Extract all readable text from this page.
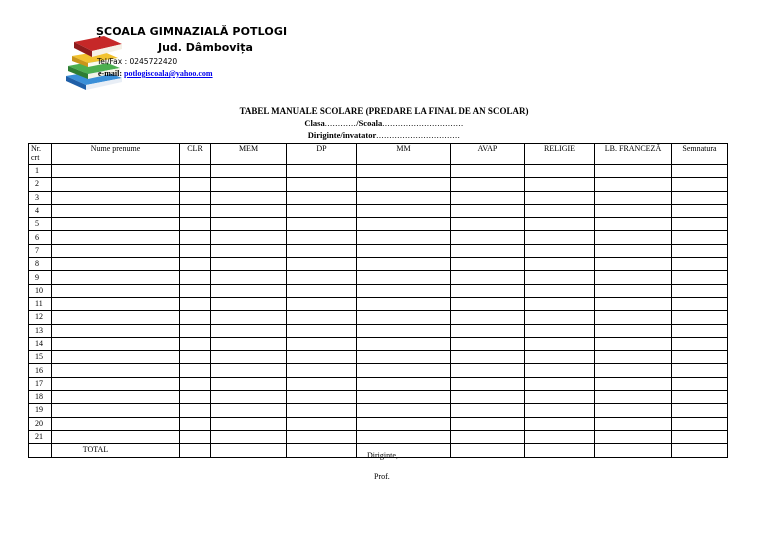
ȘCOALA GIMNAZIALĂ POTLOGI
Jud. Dâmbovița
Tel/Fax : 0245722420
e-mail: potlogiscoala@yahoo.com
TABEL MANUALE SCOLARE (PREDARE LA FINAL DE AN SCOLAR)
Clasa............/Scoala...............................
Diriginte/invatator................................
Nr. crt	Nume prenume	CLR	MEM	DP	MM	AVAP	RELIGIE	LB. FRANCEZĂ	Semnatura
1									
2									
3									
4									
5									
6									
7									
8									
9									
10									
11									
12									
13									
14									
15									
16									
17									
18									
19									
20									
21									
	TOTAL								
Diriginte,
Prof.
